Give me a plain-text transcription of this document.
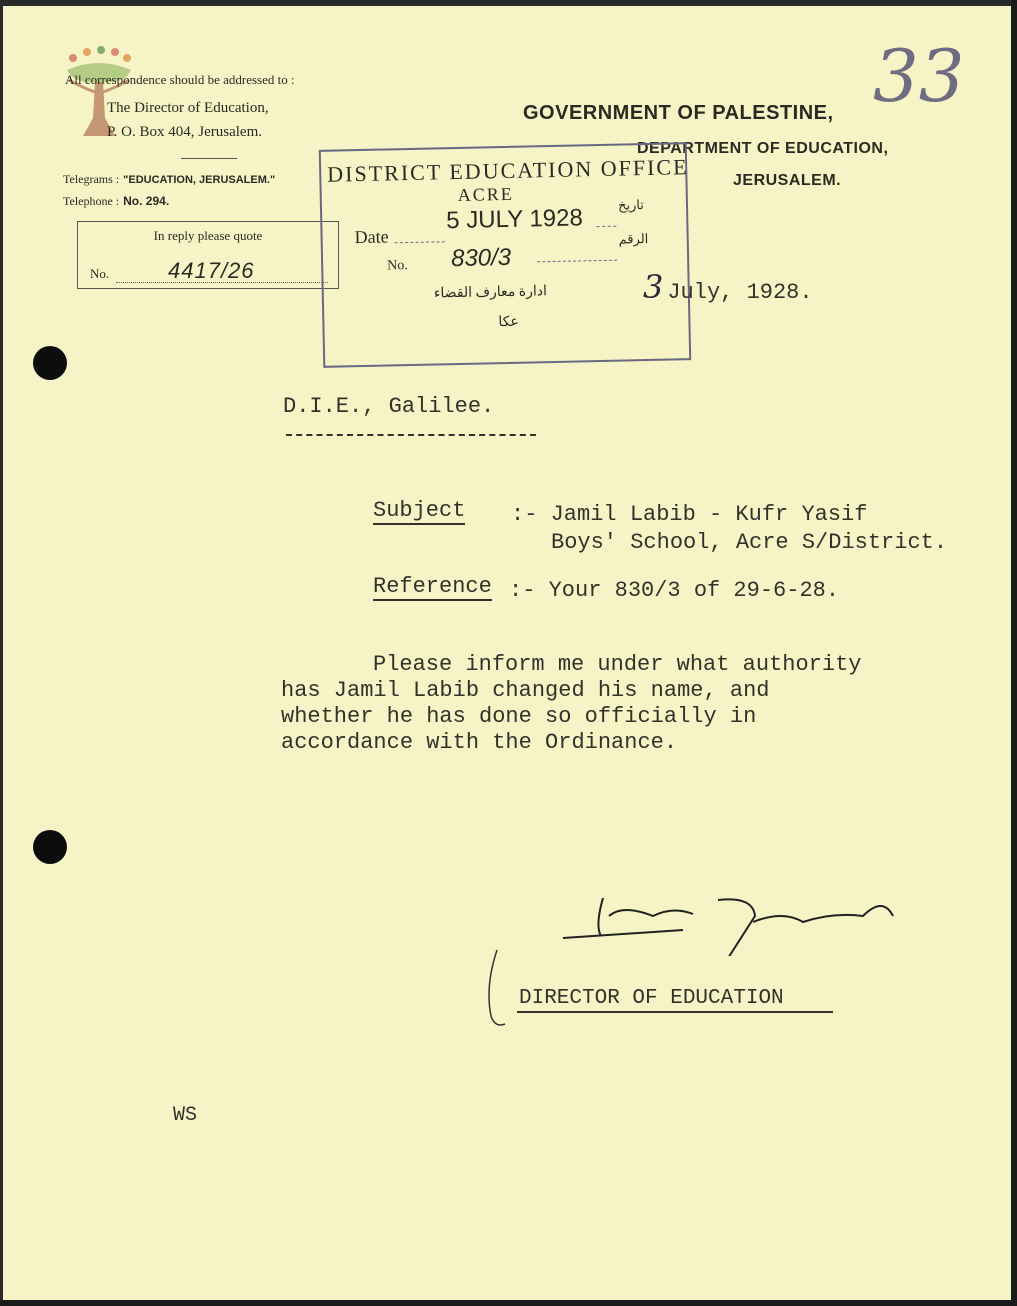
All correspondence should be addressed to :
The Director of Education,
P. O. Box 404, Jerusalem.
Telegrams : "EDUCATION, JERUSALEM."
Telephone : No. 294.
GOVERNMENT OF PALESTINE,
DEPARTMENT OF EDUCATION,
JERUSALEM.
33
In reply please quote
No.	4417/26
DISTRICT EDUCATION OFFICE
ACRE
Date
5 JULY 1928	تاريخ
No. 830/3
الرقم
ادارة معارف القضاء
عكا
3 July, 1928.
D.I.E., Galilee.
Subject :- Jamil Labib - Kufr Yasif
Boys' School, Acre S/District.
Reference :- Your 830/3 of 29-6-28.
Please inform me under what authority
has Jamil Labib changed his name, and
whether he has done so officially in
accordance with the Ordinance.
DIRECTOR OF EDUCATION
WS
